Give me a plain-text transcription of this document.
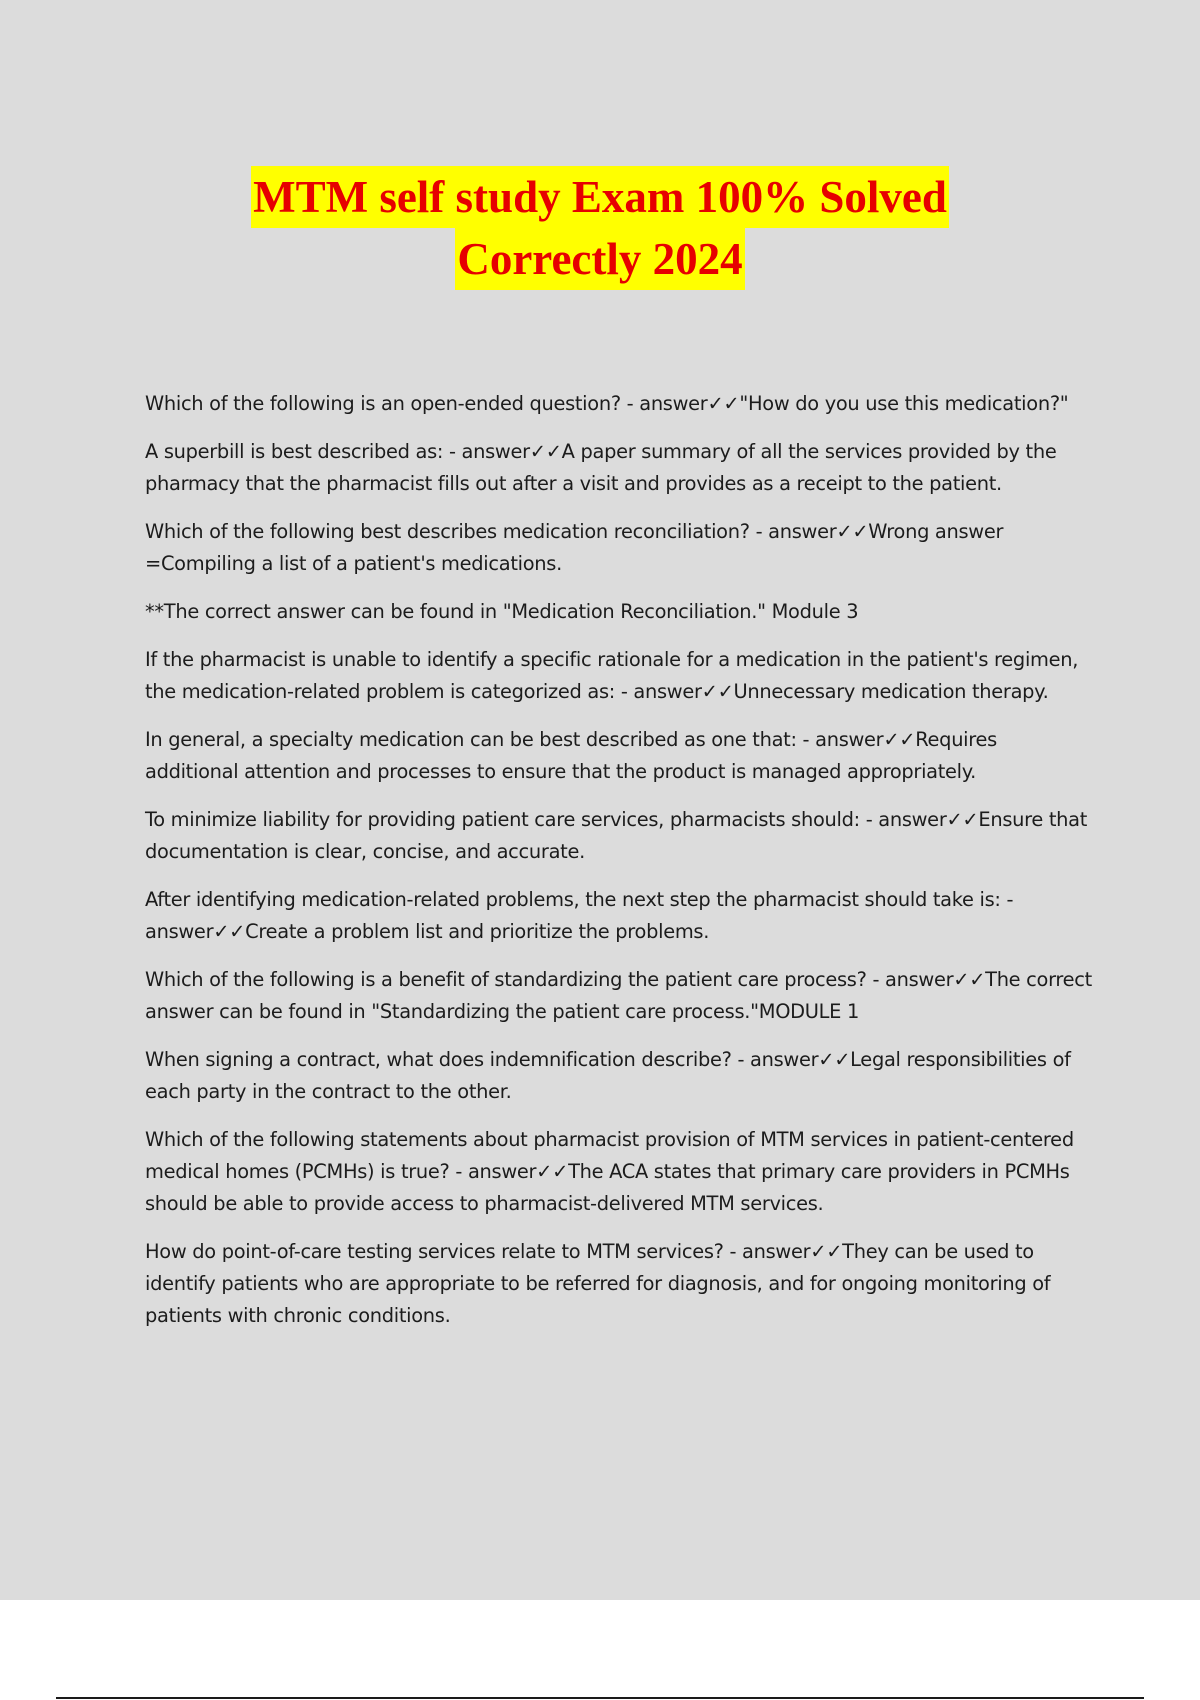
MTM self study Exam 100% Solved
Correctly 2024

Which of the following is an open-ended question? - answer✓✓"How do you use this medication?"

A superbill is best described as: - answer✓✓A paper summary of all the services provided by the pharmacy that the pharmacist fills out after a visit and provides as a receipt to the patient.

Which of the following best describes medication reconciliation? - answer✓✓Wrong answer =Compiling a list of a patient's medications.

**The correct answer can be found in "Medication Reconciliation." Module 3

If the pharmacist is unable to identify a specific rationale for a medication in the patient's regimen, the medication-related problem is categorized as: - answer✓✓Unnecessary medication therapy.

In general, a specialty medication can be best described as one that: - answer✓✓Requires additional attention and processes to ensure that the product is managed appropriately.

To minimize liability for providing patient care services, pharmacists should: - answer✓✓Ensure that documentation is clear, concise, and accurate.

After identifying medication-related problems, the next step the pharmacist should take is: - answer✓✓Create a problem list and prioritize the problems.

Which of the following is a benefit of standardizing the patient care process? - answer✓✓The correct answer can be found in "Standardizing the patient care process."MODULE 1

When signing a contract, what does indemnification describe? - answer✓✓Legal responsibilities of each party in the contract to the other.

Which of the following statements about pharmacist provision of MTM services in patient-centered medical homes (PCMHs) is true? - answer✓✓The ACA states that primary care providers in PCMHs should be able to provide access to pharmacist-delivered MTM services.

How do point-of-care testing services relate to MTM services? - answer✓✓They can be used to identify patients who are appropriate to be referred for diagnosis, and for ongoing monitoring of patients with chronic conditions.
